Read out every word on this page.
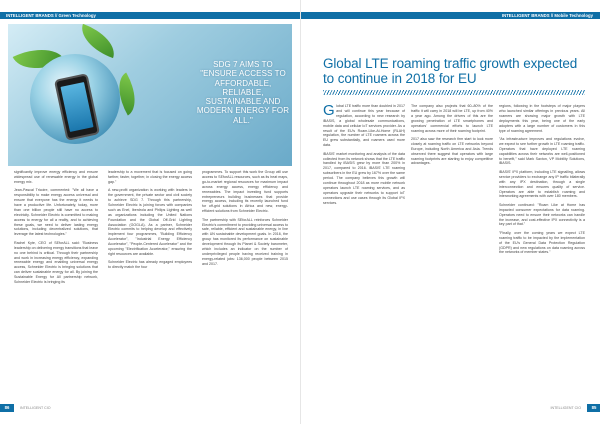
INTELLIGENT BRANDS // Green Technology
SDG 7 AIMS TO "ENSURE ACCESS TO AFFORDABLE, RELIABLE, SUSTAINABLE AND MODERN ENERGY FOR ALL."

significantly improve energy efficiency and ensure widespread use of renewable energy in the global energy mix.

Jean-Pascal Tricoire, commented: "We all have a responsibility to make energy access universal and ensure that everyone has the energy it needs to have a productive life. Unfortunately, today, more than one billion people still have no access to electricity. Schneider Electric is committed to making access to energy for all a reality, and to achieving these goals, we need to deliver lasting energy solutions, including decentralized solutions, that leverage the latest technologies."

Rachel Kyte, CEO of SEforALL said: "Business leadership on delivering energy transitions that leave no one behind is critical. Through their partnership and work in increasing energy efficiency, expanding renewable energy and enabling universal energy access, Schneider Electric is bringing solutions that can deliver sustainable energy for all. By joining the Sustainable Energy for All partnership network, Schneider Electric is bringing its

leadership to a movement that is focused on going farther, faster, together, in closing the energy access gap."

A new-profit organization is working with leaders in the government, the private sector and civil society to achieve SDG 7. Through this partnership, Schneider Electric is joining forces with companies such as Enel, Iberdrola and Philips Lighting as well as organizations including the United Nations Foundation and the Global Off-Grid Lighting Association (GOGLA). As a partner, Schneider Electric commits to helping develop and effectively implement four programmes, "Building Efficiency Accelerator", "Industrial Energy Efficiency Accelerator", "People-Centered Accelerator" and the upcoming "Electrification Accelerator," ensuring the right resources are available.

Schneider Electric has already engaged employees to directly match the four

programmes. To support this work the Group will use access to SEforALL resources, such as its heat maps, go-to-market regional resources for maximum impact across energy access, energy efficiency and renewables. The impact investing fund supports entrepreneurs building businesses that provide energy access, including its recently launched fund for off-grid solutions in Africa and new, energy-efficient solutions from Schneider Electric.

The partnership with SEforALL reinforces Schneider Electric's commitment to providing universal access to safe, reliable, efficient and sustainable energy, in line with UN sustainable development goals. In 2016, the group has monitored its performance on sustainable development through its Planet & Society barometer, which includes an indicator on the number of underprivileged people having received training in energy-related jobs: 136,000 people between 2015 and 2017.

86	INTELLIGENT CIO
INTELLIGENT BRANDS // Mobile Technology
Global LTE roaming traffic growth expected to continue in 2018 for EU

Global LTE traffic more than doubled in 2017 and will continue this year because of regulation, according to new research by iBASIS, a global wholesale communications, mobile data and cellular IoT services provider. As a result of the EU's Roam-Like-At-Home (RLAH) regulation, the number of LTE roamers across the EU grew substantially, and roamers used more data.

iBASIS' market monitoring and analysis of the data collected from its network shows that the LTE traffic handled by iBASIS grew by more than 200% in 2017, compared to 2016. iBASIS' LTE roaming subscribers in the EU grew by 167% over the same period. The company believes this growth will continue throughout 2018 as more mobile network operators launch LTE roaming services, and as operators upgrade their networks to support IoT connections and use cases through its Global IPX services.

The company also projects that 60–80% of the traffic it will carry in 2018 will be LTE, up from 40% a year ago. Among the drivers of this are the growing penetration of LTE smartphones and operators' commercial efforts to launch LTE roaming across more of their roaming footprint.

2017 also saw the research firm start to look more closely at roaming traffic on LTE networks beyond Europe, including North America and Asia. Trends observed there suggest that operators with large roaming footprints are starting to enjoy competitive advantages.

regions, following in the footsteps of major players who launched similar offerings in previous years. All roamers are showing major growth with LTE deployments this year, being one of the early adopters with a large number of customers in this type of roaming agreement.

"As infrastructure improves and regulations evolve, we expect to see further growth in LTE roaming traffic. Operators that have deployed LTE roaming capabilities across their networks are well-positioned to benefit," said Mark Saxton, VP Mobility Solutions, iBASIS.

iBASIS' IPX platform, including LTE signalling, allows service providers to exchange any IP traffic bilaterally with any IPX destination, through a single interconnection and ensures quality of service. Operators are able to establish roaming and interworking agreements with over 180 members.

Schneider continued: "Roam Like at Home has impacted consumer expectations for data roaming. Operators need to ensure their networks can handle the increase, and cost-effective IPX connectivity is a key part of that."

"Finally, over the coming years we expect LTE roaming traffic to be impacted by the implementation of the EU's General Data Protection Regulation (GDPR) and new regulations on data roaming across the networks of member states."

INTELLIGENT CIO	85
